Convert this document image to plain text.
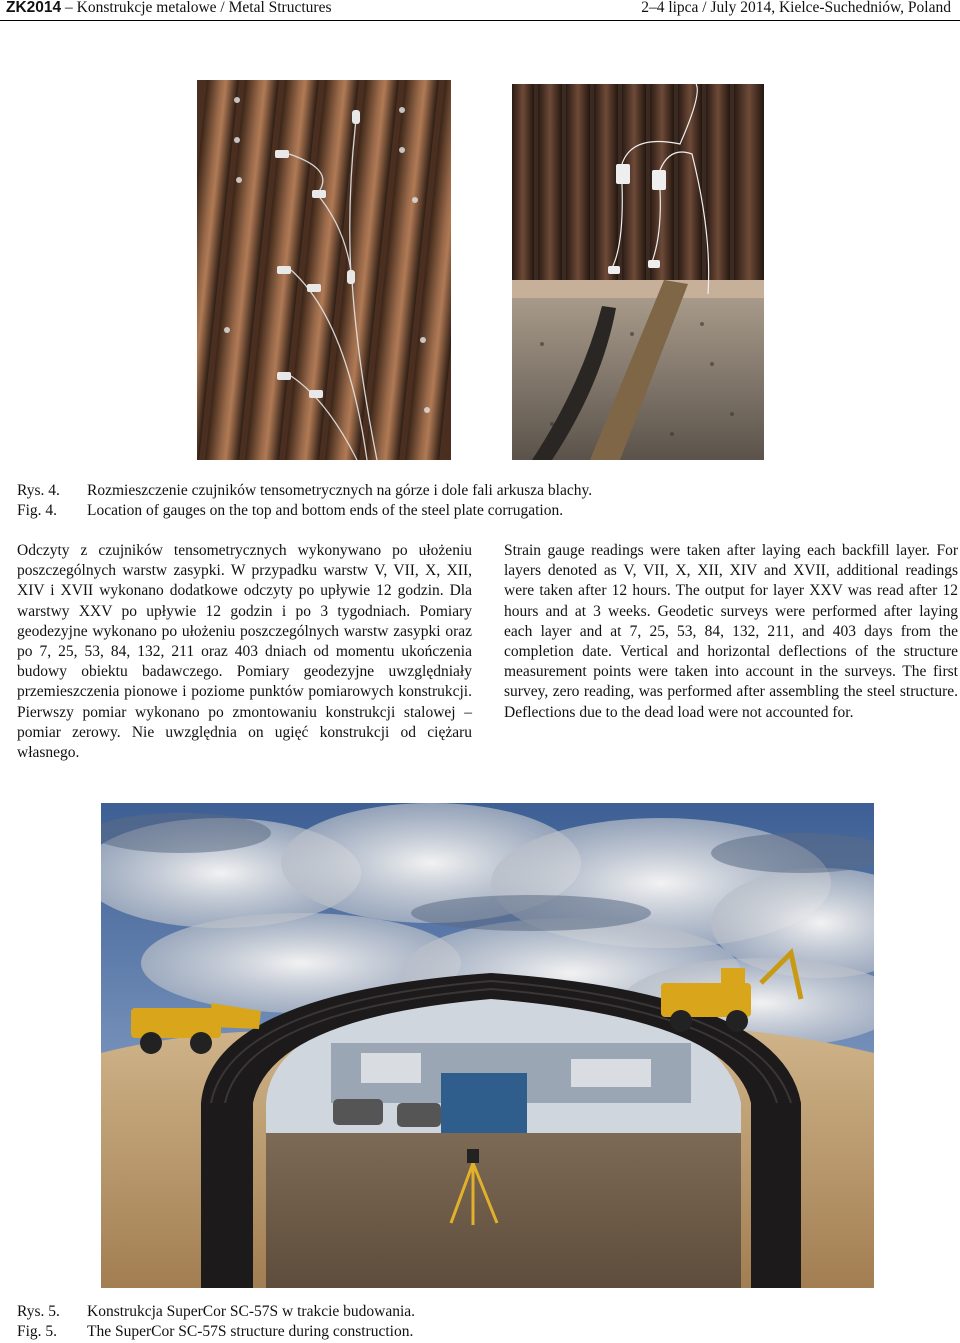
ZK2014 – Konstrukcje metalowe / Metal Structures	2–4 lipca / July 2014, Kielce-Suchedniów, Poland
Rys. 4. Rozmieszczenie czujników tensometrycznych na górze i dole fali arkusza blachy.
Fig. 4. Location of gauges on the top and bottom ends of the steel plate corrugation.
Odczyty z czujników tensometrycznych wykonywano po ułożeniu poszczególnych warstw zasypki. W przypadku warstw V, VII, X, XII, XIV i XVII wykonano dodatkowe odczyty po upływie 12 godzin. Dla warstwy XXV po upływie 12 godzin i po 3 tygodniach. Pomiary geodezyjne wykonano po ułożeniu poszczególnych warstw zasypki oraz po 7, 25, 53, 84, 132, 211 oraz 403 dniach od momentu ukończenia budowy obiektu badawczego. Pomiary geodezyjne uwzględniały przemieszczenia pionowe i poziome punktów pomiarowych konstrukcji. Pierwszy pomiar wykonano po zmontowaniu konstrukcji stalowej – pomiar zerowy. Nie uwzględnia on ugięć konstrukcji od ciężaru własnego.
Strain gauge readings were taken after laying each backfill layer. For layers denoted as V, VII, X, XII, XIV and XVII, additional readings were taken after 12 hours. The output for layer XXV was read after 12 hours and at 3 weeks. Geodetic surveys were performed after laying each layer and at 7, 25, 53, 84, 132, 211, and 403 days from the completion date. Vertical and horizontal deflections of the structure measurement points were taken into account in the surveys. The first survey, zero reading, was performed after assembling the steel structure. Deflections due to the dead load were not accounted for.
Rys. 5. Konstrukcja SuperCor SC-57S w trakcie budowania.
Fig. 5. The SuperCor SC-57S structure during construction.
